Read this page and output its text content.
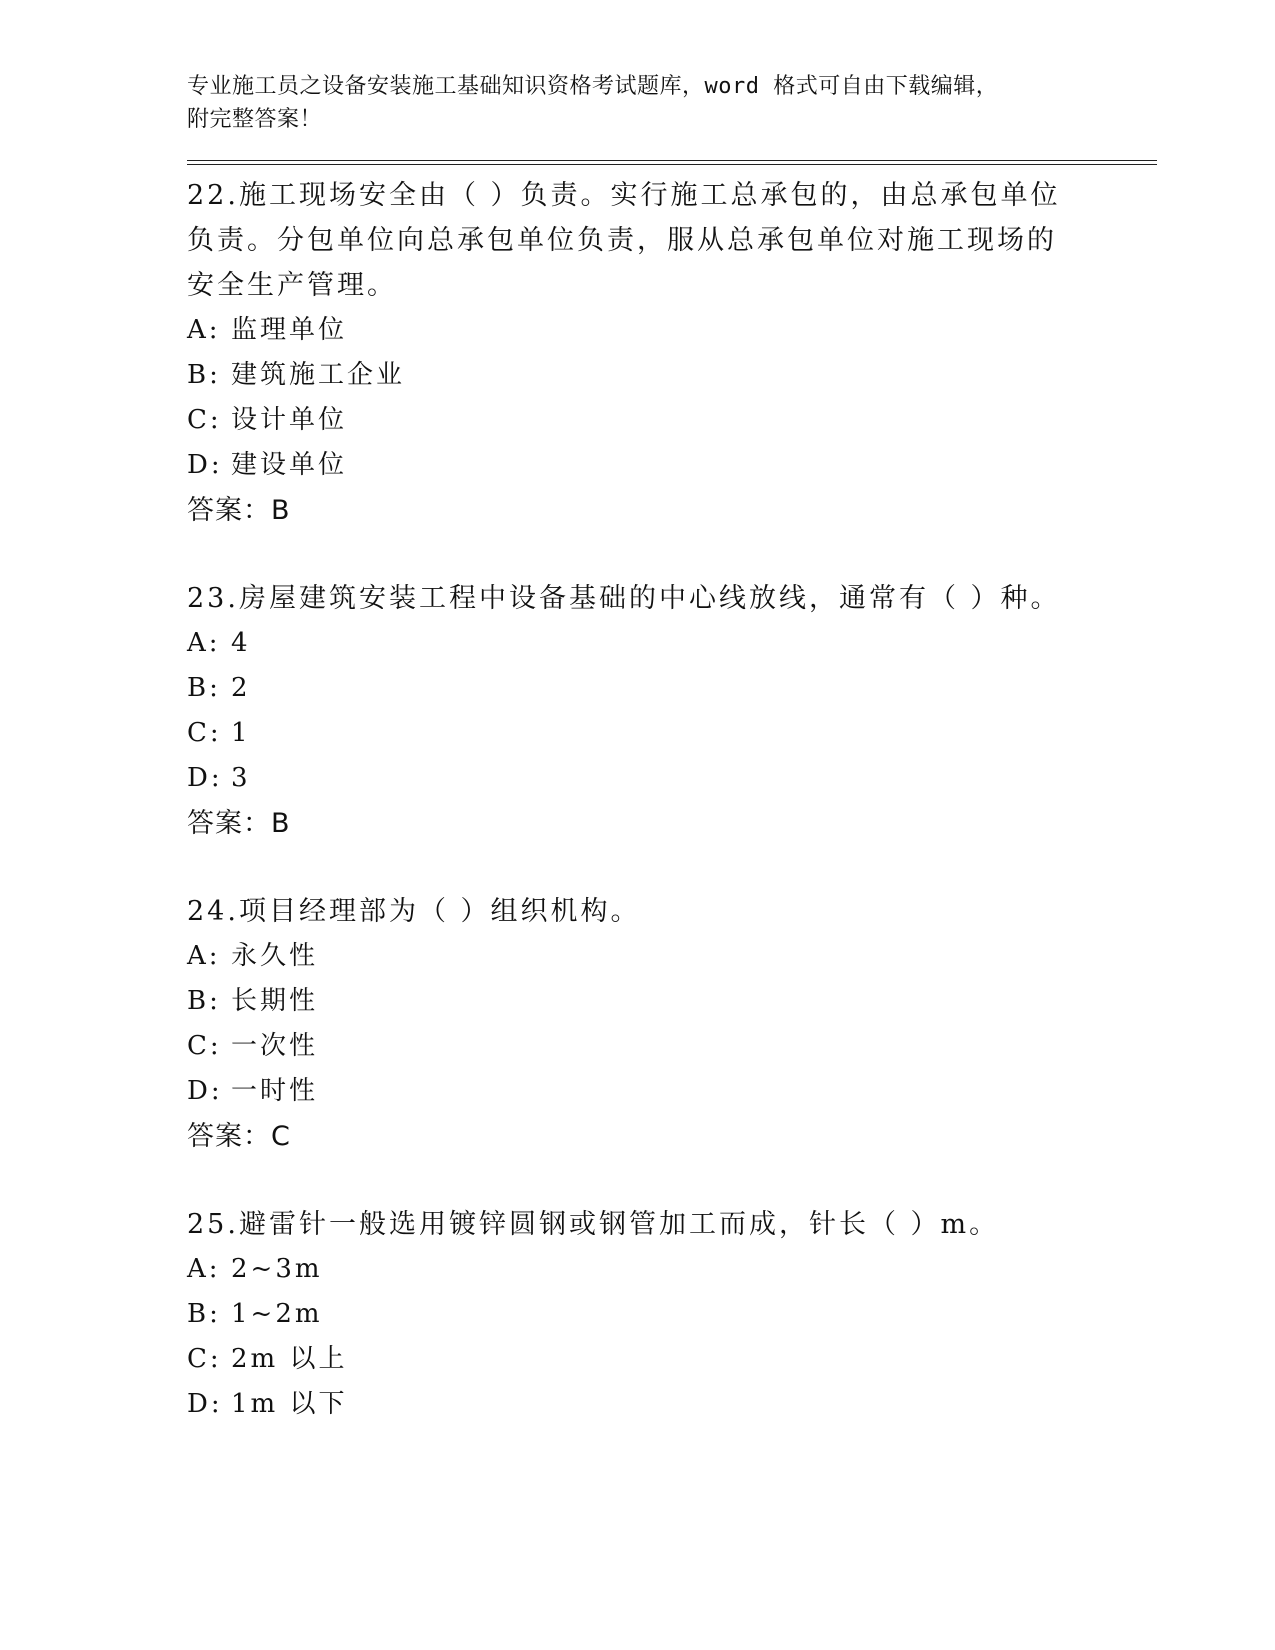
专业施工员之设备安装施工基础知识资格考试题库，word 格式可自由下载编辑，
附完整答案！

22.施工现场安全由（ ）负责。实行施工总承包的，由总承包单位负责。分包单位向总承包单位负责，服从总承包单位对施工现场的安全生产管理。

A: 监理单位

B: 建筑施工企业

C: 设计单位

D: 建设单位

答案：B

23.房屋建筑安装工程中设备基础的中心线放线，通常有（ ）种。

A: 4

B: 2

C: 1

D: 3

答案：B

24.项目经理部为（ ）组织机构。

A: 永久性

B: 长期性

C: 一次性

D: 一时性

答案：C

25.避雷针一般选用镀锌圆钢或钢管加工而成，针长（ ）m。

A: 2~3m

B: 1~2m

C: 2m 以上

D: 1m 以下
